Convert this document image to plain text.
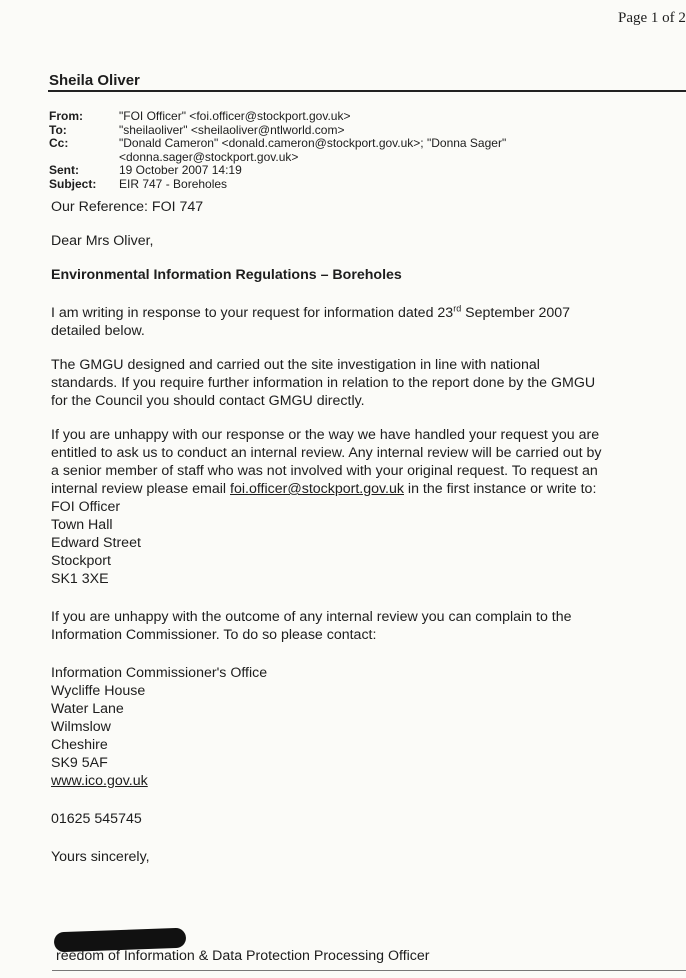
Page 1 of 2
Sheila Oliver
From:	"FOI Officer" <foi.officer@stockport.gov.uk>
To:	"sheilaoliver" <sheilaoliver@ntlworld.com>
Cc:	"Donald Cameron" <donald.cameron@stockport.gov.uk>; "Donna Sager"
<donna.sager@stockport.gov.uk>
Sent:	19 October 2007 14:19
Subject:	EIR 747 - Boreholes
Our Reference: FOI 747
Dear Mrs Oliver,
Environmental Information Regulations – Boreholes
I am writing in response to your request for information dated 23rd September 2007
detailed below.
The GMGU designed and carried out the site investigation in line with national
standards. If you require further information in relation to the report done by the GMGU
for the Council you should contact GMGU directly.
If you are unhappy with our response or the way we have handled your request you are
entitled to ask us to conduct an internal review. Any internal review will be carried out by
a senior member of staff who was not involved with your original request. To request an
internal review please email foi.officer@stockport.gov.uk in the first instance or write to:
FOI Officer
Town Hall
Edward Street
Stockport
SK1 3XE
If you are unhappy with the outcome of any internal review you can complain to the
Information Commissioner. To do so please contact:
Information Commissioner's Office
Wycliffe House
Water Lane
Wilmslow
Cheshire
SK9 5AF
www.ico.gov.uk
01625 545745
Yours sincerely,
reedom of Information & Data Protection Processing Officer
